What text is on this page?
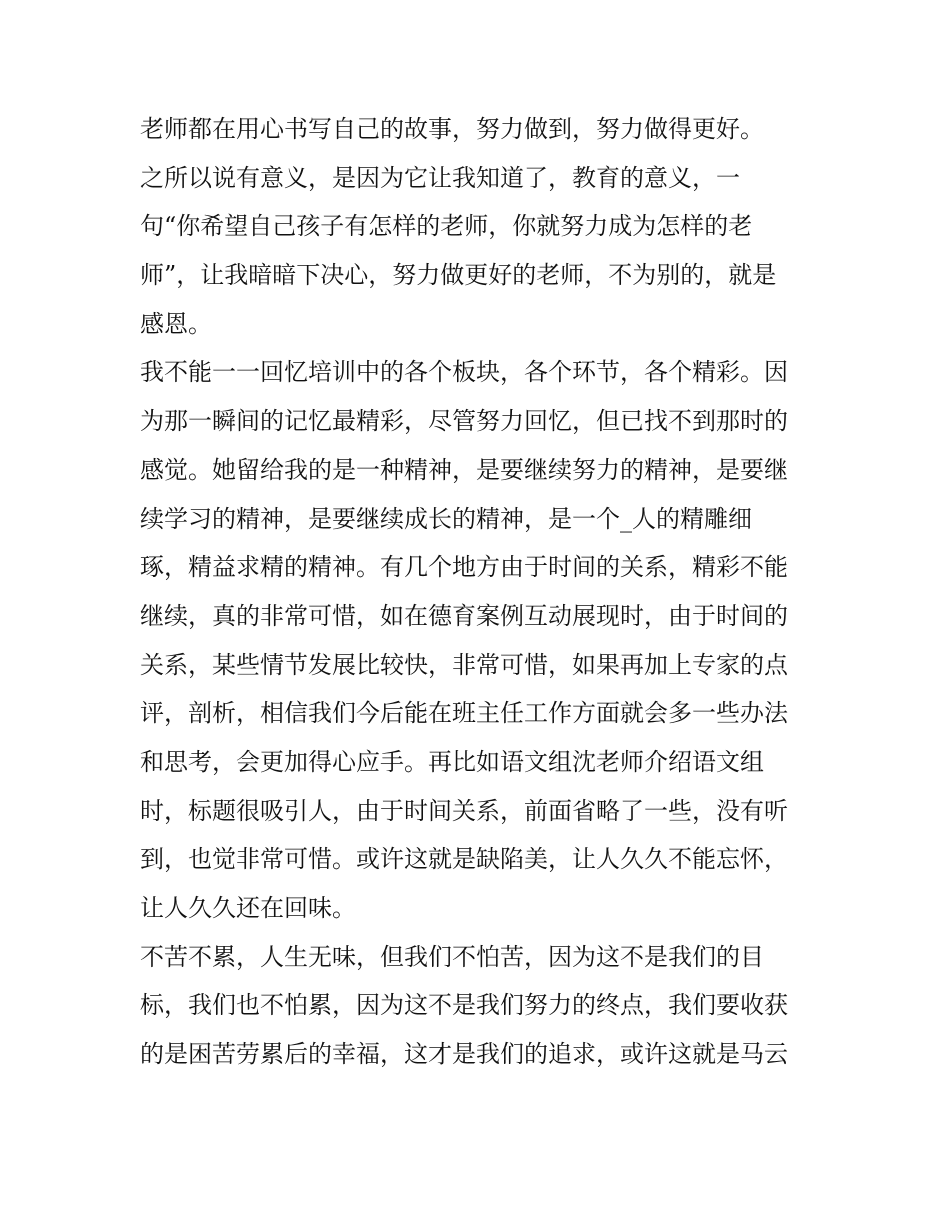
老师都在用心书写自己的故事，努力做到，努力做得更好。
之所以说有意义，是因为它让我知道了，教育的意义，一
句“你希望自己孩子有怎样的老师，你就努力成为怎样的老
师”，让我暗暗下决心，努力做更好的老师，不为别的，就是
感恩。
我不能一一回忆培训中的各个板块，各个环节，各个精彩。因
为那一瞬间的记忆最精彩，尽管努力回忆，但已找不到那时的
感觉。她留给我的是一种精神，是要继续努力的精神，是要继
续学习的精神，是要继续成长的精神，是一个_人的精雕细
琢，精益求精的精神。有几个地方由于时间的关系，精彩不能
继续，真的非常可惜，如在德育案例互动展现时，由于时间的
关系，某些情节发展比较快，非常可惜，如果再加上专家的点
评，剖析，相信我们今后能在班主任工作方面就会多一些办法
和思考，会更加得心应手。再比如语文组沈老师介绍语文组
时，标题很吸引人，由于时间关系，前面省略了一些，没有听
到，也觉非常可惜。或许这就是缺陷美，让人久久不能忘怀，
让人久久还在回味。
不苦不累，人生无味，但我们不怕苦，因为这不是我们的目
标，我们也不怕累，因为这不是我们努力的终点，我们要收获
的是困苦劳累后的幸福，这才是我们的追求，或许这就是马云
